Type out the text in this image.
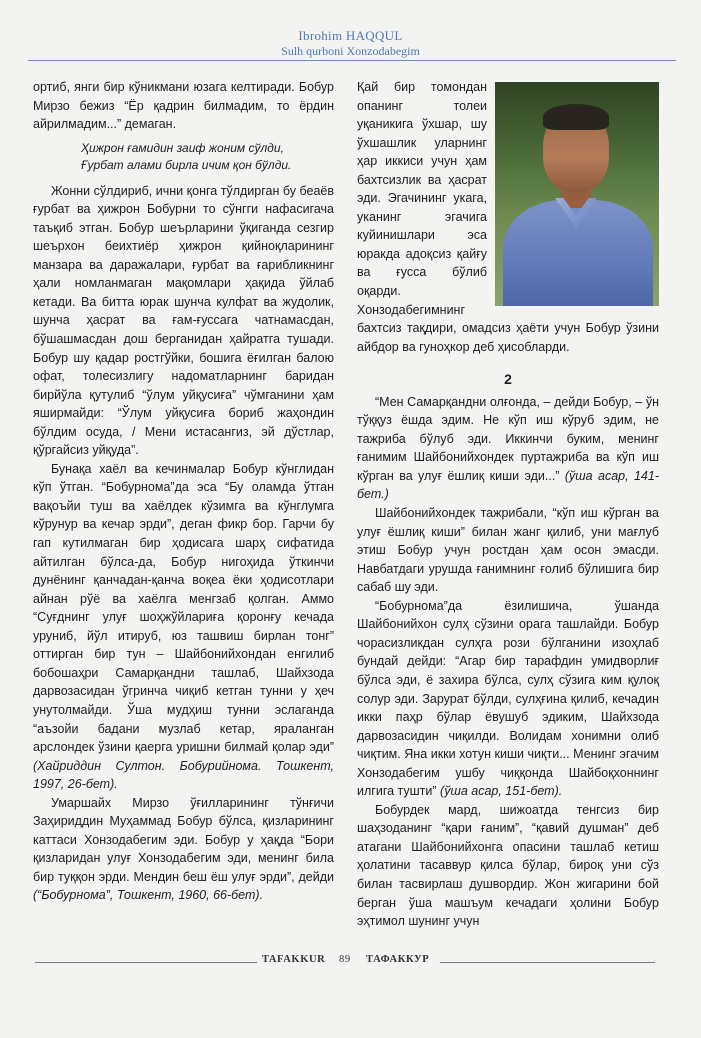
Ibrohim HAQQUL
Sulh qurboni Xonzodabegim

ортиб, янги бир кўникмани юзага келтиради. Бобур Мирзо бежиз “Ёр қадрин билмадим, то ёрдин айрилмадим...” демаган.

Ҳижрон ғамидин заиф жоним сўлди,
Ғурбат алами бирла ичим қон бўлди.

Жонни сўлдириб, ични қонга тўлдирган бу беаёв ғурбат ва ҳижрон Бобурни то сўнгги нафасигача таъқиб этган. Бобур шеърларини ўқиганда сезгир шеърхон беихтиёр ҳижрон қийноқларининг манзара ва даражалари, ғурбат ва ғарибликнинг ҳали номланмаган мақомлари ҳақида ўйлаб кетади. Ва битта юрак шунча кулфат ва жудолик, шунча ҳасрат ва ғам-ғуссага чатнамасдан, бўшашмасдан дош берганидан ҳайратга тушади. Бобур шу қадар ростгўйки, бошига ёғилган балою офат, толесизлигу надоматларнинг баридан бирйўла қутулиб “ўлум уйқусиға” чўмганини ҳам яширмайди: “Ўлум уйқусиға бориб жаҳондин бўлдим осуда, / Мени истасангиз, эй дўстлар, қўргайсиз уйқуда”.

Бунақа хаёл ва кечинмалар Бобур кўнглидан кўп ўтган. “Бобурнома”да эса “Бу оламда ўтган вақоъйи туш ва хаёлдек кўзимга ва кўнглумга кўрунур ва кечар эрди”, деган фикр бор. Гарчи бу гап кутилмаган бир ҳодисага шарҳ сифатида айтилган бўлса-да, Бобур нигоҳида ўткинчи дунёнинг қанчадан-қанча воқеа ёки ҳодисотлари айнан рўё ва хаёлга менгзаб қолган. Аммо “Суғднинг улуғ шоҳжўйлариға қоронғу кечада уруниб, йўл итируб, юз ташвиш бирлан тонг” оттирган бир тун – Шайбонийхондан енгилиб бобошаҳри Самарқандни ташлаб, Шайхзода дарвозасидан ўгринча чиқиб кетган тунни у ҳеч унутолмайди. Ўша мудҳиш тунни эслаганда “аъзойи бадани музлаб кетар, яраланган арслондек ўзини қаерга уришни билмай қолар эди” (Хайриддин Султон. Бобурийнома. Тошкент, 1997, 26-бет).

Умаршайх Мирзо ўғилларининг тўнғичи Заҳириддин Муҳаммад Бобур бўлса, қизларининг каттаси Хонзодабегим эди. Бобур у ҳақда “Бори қизларидан улуғ Хонзодабегим эди, менинг била бир туққон эрди. Мендин беш ёш улуғ эрди”, дейди (“Бобурнома”, Тошкент, 1960, 66-бет).

Қай бир томондан опанинг толеи уқаникига ўхшар, шу ўхшашлик уларнинг ҳар иккиси учун ҳам бахтсизлик ва ҳасрат эди. Эгачининг укага, уканинг эгачига куйинишлари эса юракда адоқсиз қайғу ва ғусса бўлиб оқарди. Хонзодабегимнинг бахтсиз тақдири, омадсиз ҳаёти учун Бобур ўзини айбдор ва гуноҳкор деб ҳисобларди.

2

“Мен Самарқандни олғонда, – дейди Бобур, – ўн тўққуз ёшда эдим. Не кўп иш кўруб эдим, не тажриба бўлуб эди. Иккинчи буким, менинг ғанимим Шайбонийхондек пуртажриба ва кўп иш кўрган ва улуғ ёшлиқ киши эди...” (ўша асар, 141-бет.)

Шайбонийхондек тажрибали, “кўп иш кўрган ва улуғ ёшлиқ киши” билан жанг қилиб, уни мағлуб этиш Бобур учун ростдан ҳам осон эмасди. Навбатдаги урушда ғанимнинг ғолиб бўлишига бир сабаб шу эди.

“Бобурнома”да ёзилишича, ўшанда Шайбонийхон сулҳ сўзини орага ташлайди. Бобур чорасизликдан сулҳга рози бўлганини изоҳлаб бундай дейди: “Агар бир тарафдин умидворлиғ бўлса эди, ё захира бўлса, сулҳ сўзига ким қулоқ солур эди. Зарурат бўлди, сулҳғина қилиб, кечадин икки паҳр бўлар ёвушуб эдиким, Шайхзода дарвозасидин чиқилди. Волидам хонимни олиб чиқтим. Яна икки хотун киши чиқти... Менинг эгачим Хонзодабегим ушбу чиққонда Шайбоқхоннинг илгига тушти” (ўша асар, 151-бет).

Бобурдек мард, шижоатда тенгсиз бир шаҳзоданинг “қари ғаним”, “қавий душман” деб атагани Шайбонийхонга опасини ташлаб кетиш ҳолатини тасаввур қилса бўлар, бироқ уни сўз билан тасвирлаш душвордир. Жон жигарини бой берган ўша машъум кечадаги ҳолини Бобур эҳтимол шунинг учун

TAFAKKUR 89 ТАФАККУР
